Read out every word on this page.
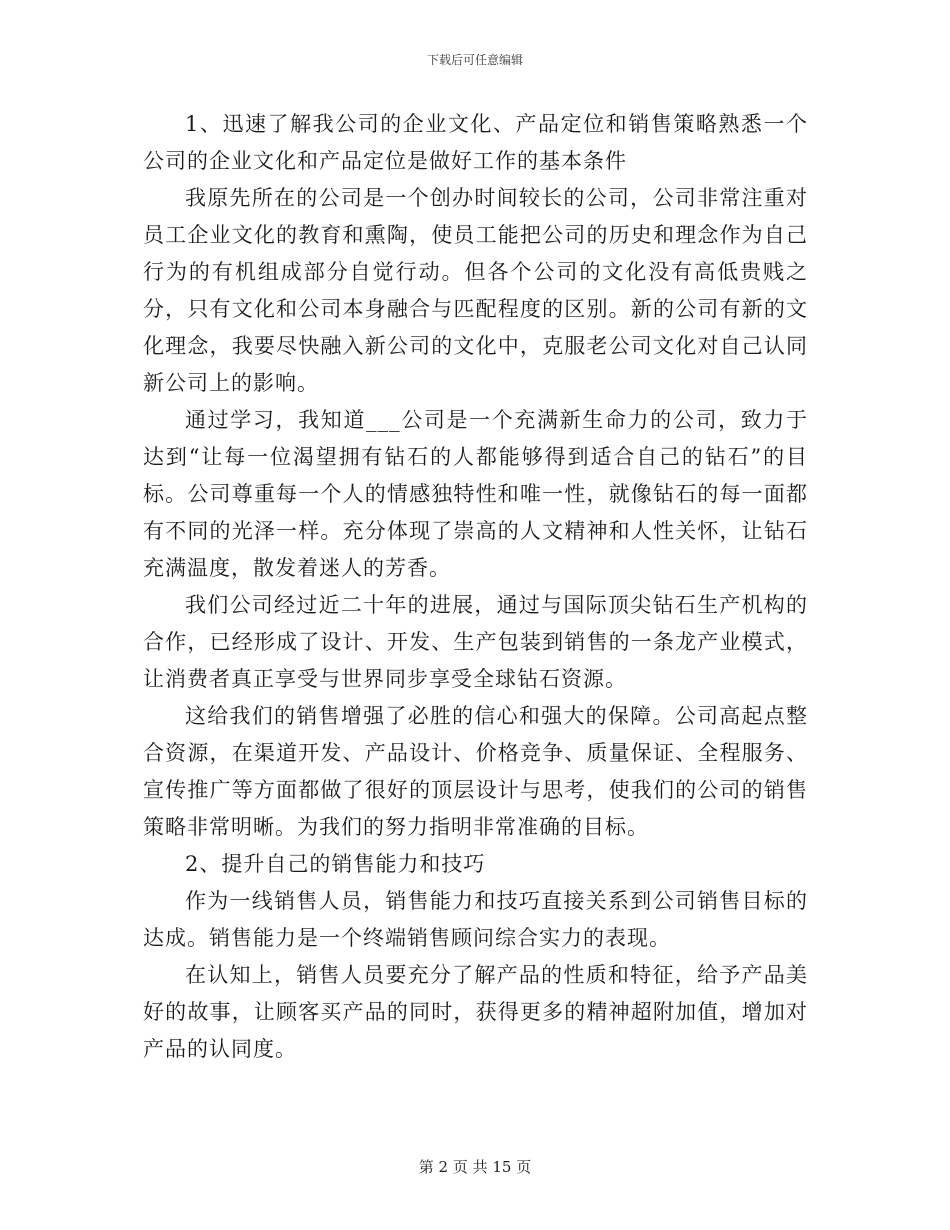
下载后可任意编辑

1、迅速了解我公司的企业文化、产品定位和销售策略熟悉一个公司的企业文化和产品定位是做好工作的基本条件

我原先所在的公司是一个创办时间较长的公司，公司非常注重对员工企业文化的教育和熏陶，使员工能把公司的历史和理念作为自己行为的有机组成部分自觉行动。但各个公司的文化没有高低贵贱之分，只有文化和公司本身融合与匹配程度的区别。新的公司有新的文化理念，我要尽快融入新公司的文化中，克服老公司文化对自己认同新公司上的影响。

通过学习，我知道___公司是一个充满新生命力的公司，致力于达到“让每一位渴望拥有钻石的人都能够得到适合自己的钻石”的目标。公司尊重每一个人的情感独特性和唯一性，就像钻石的每一面都有不同的光泽一样。充分体现了崇高的人文精神和人性关怀，让钻石充满温度，散发着迷人的芳香。

我们公司经过近二十年的进展，通过与国际顶尖钻石生产机构的合作，已经形成了设计、开发、生产包装到销售的一条龙产业模式，让消费者真正享受与世界同步享受全球钻石资源。

这给我们的销售增强了必胜的信心和强大的保障。公司高起点整合资源，在渠道开发、产品设计、价格竞争、质量保证、全程服务、宣传推广等方面都做了很好的顶层设计与思考，使我们的公司的销售策略非常明晰。为我们的努力指明非常准确的目标。

2、提升自己的销售能力和技巧

作为一线销售人员，销售能力和技巧直接关系到公司销售目标的达成。销售能力是一个终端销售顾问综合实力的表现。

在认知上，销售人员要充分了解产品的性质和特征，给予产品美好的故事，让顾客买产品的同时，获得更多的精神超附加值，增加对产品的认同度。

第 2 页 共 15 页
